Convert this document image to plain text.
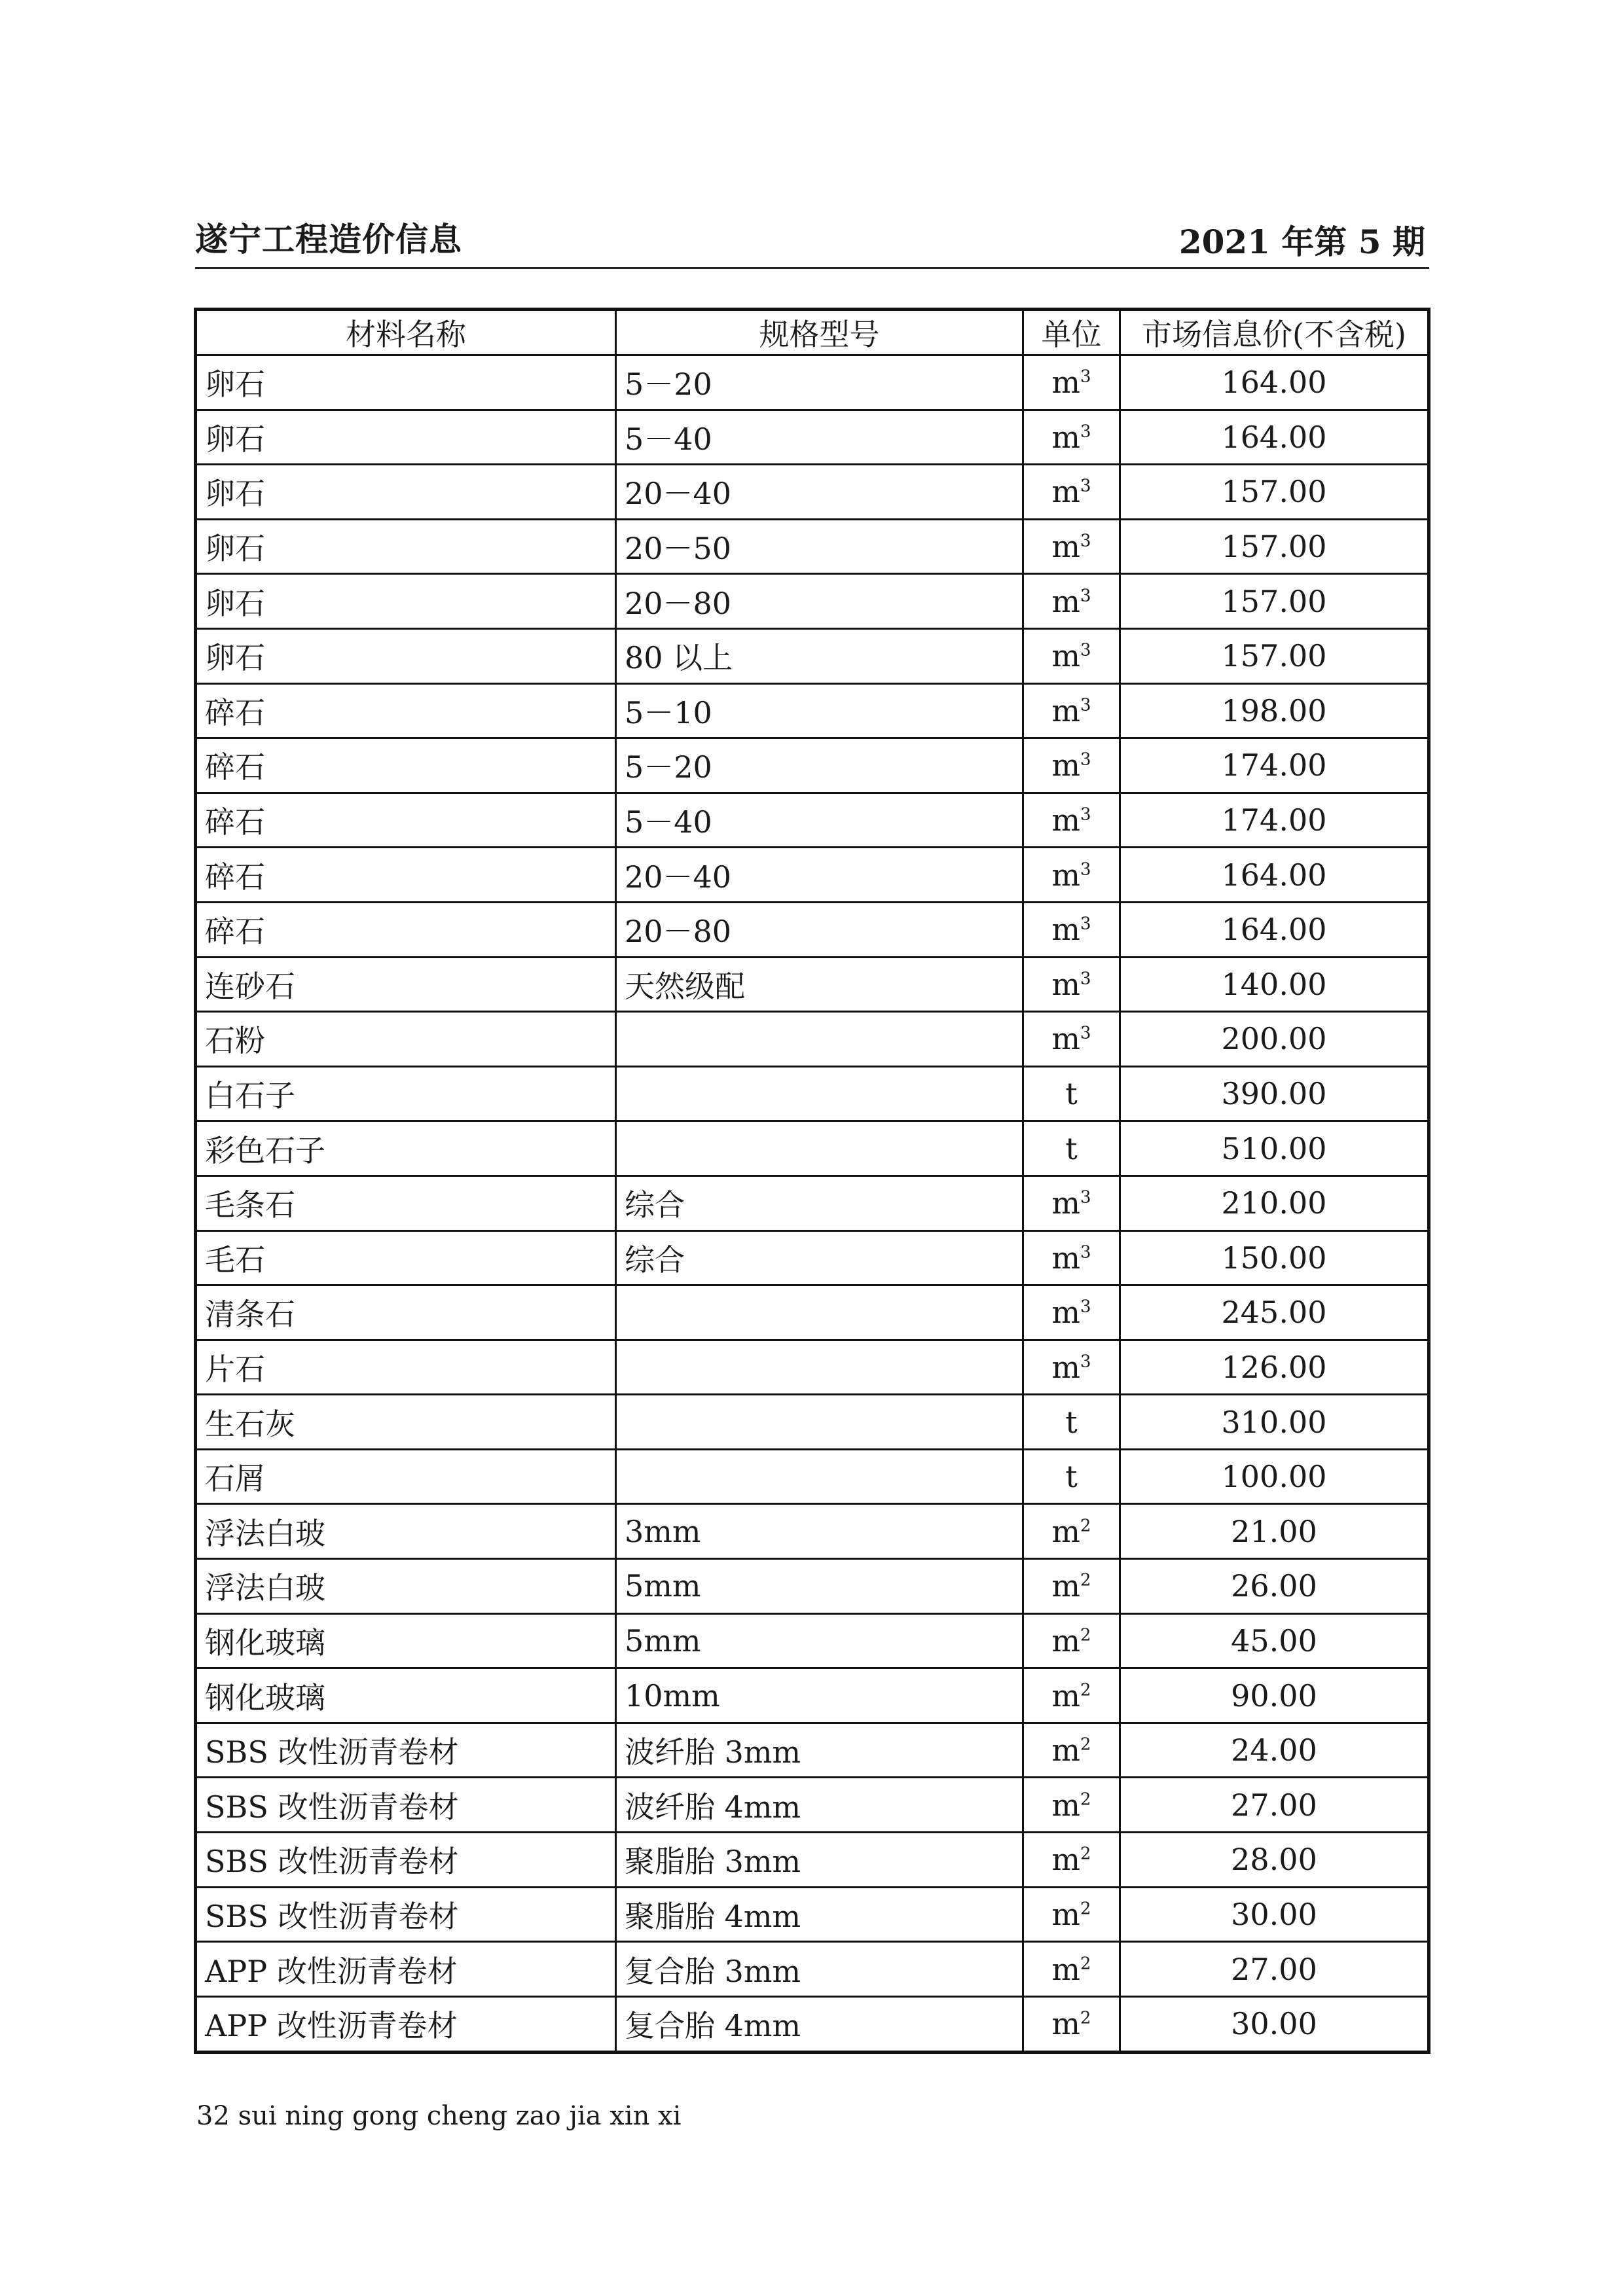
遂宁工程造价信息	2021 年第 5 期
材料名称	规格型号	单位	市场信息价(不含税)
卵石	5－20	$m^3$	164.00
卵石	5－40	$m^3$	164.00
卵石	20－40	$m^3$	157.00
卵石	20－50	$m^3$	157.00
卵石	20－80	$m^3$	157.00
卵石	80 以上	$m^3$	157.00
碎石	5－10	$m^3$	198.00
碎石	5－20	$m^3$	174.00
碎石	5－40	$m^3$	174.00
碎石	20－40	$m^3$	164.00
碎石	20－80	$m^3$	164.00
连砂石	天然级配	$m^3$	140.00
石粉		$m^3$	200.00
白石子		t	390.00
彩色石子		t	510.00
毛条石	综合	$m^3$	210.00
毛石	综合	$m^3$	150.00
清条石		$m^3$	245.00
片石		$m^3$	126.00
生石灰		t	310.00
石屑		t	100.00
浮法白玻	3mm	$m^2$	21.00
浮法白玻	5mm	$m^2$	26.00
钢化玻璃	5mm	$m^2$	45.00
钢化玻璃	10mm	$m^2$	90.00
SBS 改性沥青卷材	波纤胎 3mm	$m^2$	24.00
SBS 改性沥青卷材	波纤胎 4mm	$m^2$	27.00
SBS 改性沥青卷材	聚脂胎 3mm	$m^2$	28.00
SBS 改性沥青卷材	聚脂胎 4mm	$m^2$	30.00
APP 改性沥青卷材	复合胎 3mm	$m^2$	27.00
APP 改性沥青卷材	复合胎 4mm	$m^2$	30.00
32 sui ning gong cheng zao jia xin xi
